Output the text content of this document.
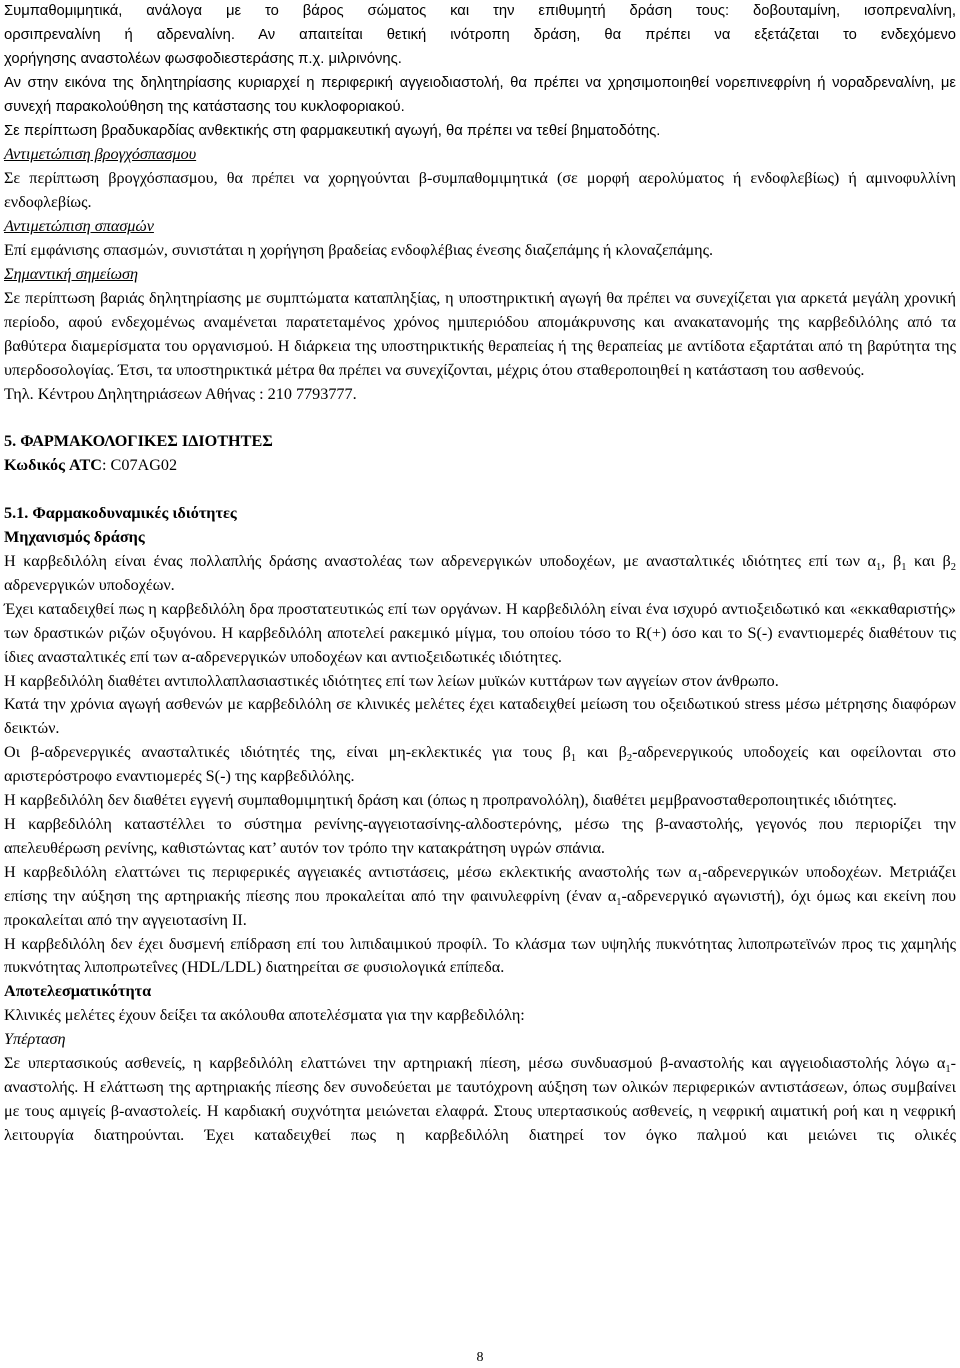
Συμπαθομιμητικά, ανάλογα με το βάρος σώματος και την επιθυμητή δράση τους: δοβουταμίνη, ισοπρεναλίνη,

ορσιπρεναλίνη ή αδρεναλίνη. Αν απαιτείται θετική ινότροπη δράση, θα πρέπει να εξετάζεται το ενδεχόμενο

χορήγησης αναστολέων φωσφοδιεστεράσης π.χ. μιλρινόνης.

Αν στην εικόνα της δηλητηρίασης κυριαρχεί η περιφερική αγγειοδιαστολή, θα πρέπει να χρησιμοποιηθεί νορεπινεφρίνη ή νοραδρεναλίνη, με συνεχή παρακολούθηση της κατάστασης του κυκλοφοριακού.

Σε περίπτωση βραδυκαρδίας ανθεκτικής στη φαρμακευτική αγωγή, θα πρέπει να τεθεί βηματοδότης.

Αντιμετώπιση βρογχόσπασμου

Σε περίπτωση βρογχόσπασμου, θα πρέπει να χορηγούνται β-συμπαθομιμητικά (σε μορφή αερολύματος ή ενδοφλεβίως) ή αμινοφυλλίνη ενδοφλεβίως.

Αντιμετώπιση σπασμών

Επί εμφάνισης σπασμών, συνιστάται η χορήγηση βραδείας ενδοφλέβιας ένεσης διαζεπάμης ή κλοναζεπάμης.

Σημαντική σημείωση

Σε περίπτωση βαριάς δηλητηρίασης με συμπτώματα καταπληξίας, η υποστηρικτική αγωγή θα πρέπει να συνεχίζεται για αρκετά μεγάλη χρονική περίοδο, αφού ενδεχομένως αναμένεται παρατεταμένος χρόνος ημιπεριόδου απομάκρυνσης και ανακατανομής της καρβεδιλόλης από τα βαθύτερα διαμερίσματα του οργανισμού. Η διάρκεια της υποστηρικτικής θεραπείας ή της θεραπείας με αντίδοτα εξαρτάται από τη βαρύτητα της υπερδοσολογίας. Έτσι, τα υποστηρικτικά μέτρα θα πρέπει να συνεχίζονται, μέχρις ότου σταθεροποιηθεί η κατάσταση του ασθενούς.

Τηλ. Κέντρου Δηλητηριάσεων Αθήνας : 210 7793777.

5. ΦΑΡΜΑΚΟΛΟΓΙΚΕΣ ΙΔΙΟΤΗΤΕΣ

Κωδικός ATC: C07AG02

5.1. Φαρμακοδυναμικές ιδιότητες

Μηχανισμός δράσης

Η καρβεδιλόλη είναι ένας πολλαπλής δράσης αναστολέας των αδρενεργικών υποδοχέων, με ανασταλτικές ιδιότητες επί των $\alpha_1$, $\beta_1$ και $\beta_2$ αδρενεργικών υποδοχέων.

Έχει καταδειχθεί πως η καρβεδιλόλη δρα προστατευτικώς επί των οργάνων. Η καρβεδιλόλη είναι ένα ισχυρό αντιοξειδωτικό και «εκκαθαριστής» των δραστικών ριζών οξυγόνου. Η καρβεδιλόλη αποτελεί ρακεμικό μίγμα, του οποίου τόσο το R(+) όσο και το S(-) εναντιομερές διαθέτουν τις ίδιες ανασταλτικές επί των α-αδρενεργικών υποδοχέων και αντιοξειδωτικές ιδιότητες.

Η καρβεδιλόλη διαθέτει αντιπολλαπλασιαστικές ιδιότητες επί των λείων μυϊκών κυττάρων των αγγείων στον άνθρωπο.

Κατά την χρόνια αγωγή ασθενών με καρβεδιλόλη σε κλινικές μελέτες έχει καταδειχθεί μείωση του οξειδωτικού stress μέσω μέτρησης διαφόρων δεικτών.

Οι β-αδρενεργικές ανασταλτικές ιδιότητές της, είναι μη-εκλεκτικές για τους $\beta_1$ και $\beta_2$-αδρενεργικούς υποδοχείς και οφείλονται στο αριστερόστροφο εναντιομερές S(-) της καρβεδιλόλης.

Η καρβεδιλόλη δεν διαθέτει εγγενή συμπαθομιμητική δράση και (όπως η προπρανολόλη), διαθέτει μεμβρανοσταθεροποιητικές ιδιότητες.

Η καρβεδιλόλη καταστέλλει το σύστημα ρενίνης-αγγειοτασίνης-αλδοστερόνης, μέσω της β-αναστολής, γεγονός που περιορίζει την απελευθέρωση ρενίνης, καθιστώντας κατ’ αυτόν τον τρόπο την κατακράτηση υγρών σπάνια.

Η καρβεδιλόλη ελαττώνει τις περιφερικές αγγειακές αντιστάσεις, μέσω εκλεκτικής αναστολής των $\alpha_1$-αδρενεργικών υποδοχέων. Μετριάζει επίσης την αύξηση της αρτηριακής πίεσης που προκαλείται από την φαινυλεφρίνη (έναν $\alpha_1$-αδρενεργικό αγωνιστή), όχι όμως και εκείνη που προκαλείται από την αγγειοτασίνη ΙΙ.

Η καρβεδιλόλη δεν έχει δυσμενή επίδραση επί του λιπιδαιμικού προφίλ. Το κλάσμα των υψηλής πυκνότητας λιποπρωτεϊνών προς τις χαμηλής πυκνότητας λιποπρωτεΐνες (HDL/LDL) διατηρείται σε φυσιολογικά επίπεδα.

Αποτελεσματικότητα

Κλινικές μελέτες έχουν δείξει τα ακόλουθα αποτελέσματα για την καρβεδιλόλη:

Υπέρταση

Σε υπερτασικούς ασθενείς, η καρβεδιλόλη ελαττώνει την αρτηριακή πίεση, μέσω συνδυασμού β-αναστολής και αγγειοδιαστολής λόγω $\alpha_1$-αναστολής. Η ελάττωση της αρτηριακής πίεσης δεν συνοδεύεται με ταυτόχρονη αύξηση των ολικών περιφερικών αντιστάσεων, όπως συμβαίνει με τους αμιγείς β-αναστολείς. Η καρδιακή συχνότητα μειώνεται ελαφρά. Στους υπερτασικούς ασθενείς, η νεφρική αιματική ροή και η νεφρική λειτουργία διατηρούνται. Έχει καταδειχθεί πως η καρβεδιλόλη διατηρεί τον όγκο παλμού και μειώνει τις ολικές

8
